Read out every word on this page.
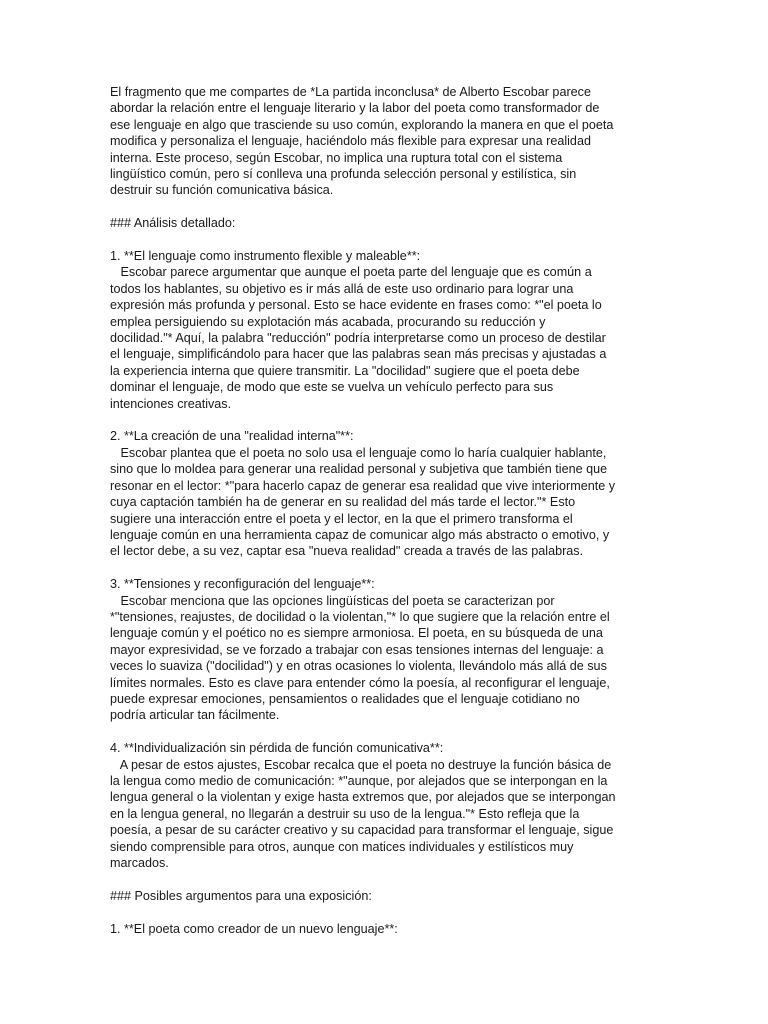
El fragmento que me compartes de *La partida inconclusa* de Alberto Escobar parece
abordar la relación entre el lenguaje literario y la labor del poeta como transformador de
ese lenguaje en algo que trasciende su uso común, explorando la manera en que el poeta
modifica y personaliza el lenguaje, haciéndolo más flexible para expresar una realidad
interna. Este proceso, según Escobar, no implica una ruptura total con el sistema
lingüístico común, pero sí conlleva una profunda selección personal y estilística, sin
destruir su función comunicativa básica.
### Análisis detallado:
1. **El lenguaje como instrumento flexible y maleable**:
Escobar parece argumentar que aunque el poeta parte del lenguaje que es común a
todos los hablantes, su objetivo es ir más allá de este uso ordinario para lograr una
expresión más profunda y personal. Esto se hace evidente en frases como: *"el poeta lo
emplea persiguiendo su explotación más acabada, procurando su reducción y
docilidad."* Aquí, la palabra "reducción" podría interpretarse como un proceso de destilar
el lenguaje, simplificándolo para hacer que las palabras sean más precisas y ajustadas a
la experiencia interna que quiere transmitir. La "docilidad" sugiere que el poeta debe
dominar el lenguaje, de modo que este se vuelva un vehículo perfecto para sus
intenciones creativas.
2. **La creación de una "realidad interna"**:
Escobar plantea que el poeta no solo usa el lenguaje como lo haría cualquier hablante,
sino que lo moldea para generar una realidad personal y subjetiva que también tiene que
resonar en el lector: *"para hacerlo capaz de generar esa realidad que vive interiormente y
cuya captación también ha de generar en su realidad del más tarde el lector."* Esto
sugiere una interacción entre el poeta y el lector, en la que el primero transforma el
lenguaje común en una herramienta capaz de comunicar algo más abstracto o emotivo, y
el lector debe, a su vez, captar esa "nueva realidad" creada a través de las palabras.
3. **Tensiones y reconfiguración del lenguaje**:
Escobar menciona que las opciones lingüísticas del poeta se caracterizan por
*"tensiones, reajustes, de docilidad o la violentan,"* lo que sugiere que la relación entre el
lenguaje común y el poético no es siempre armoniosa. El poeta, en su búsqueda de una
mayor expresividad, se ve forzado a trabajar con esas tensiones internas del lenguaje: a
veces lo suaviza ("docilidad") y en otras ocasiones lo violenta, llevándolo más allá de sus
límites normales. Esto es clave para entender cómo la poesía, al reconfigurar el lenguaje,
puede expresar emociones, pensamientos o realidades que el lenguaje cotidiano no
podría articular tan fácilmente.
4. **Individualización sin pérdida de función comunicativa**:
A pesar de estos ajustes, Escobar recalca que el poeta no destruye la función básica de
la lengua como medio de comunicación: *"aunque, por alejados que se interpongan en la
lengua general o la violentan y exige hasta extremos que, por alejados que se interpongan
en la lengua general, no llegarán a destruir su uso de la lengua."* Esto refleja que la
poesía, a pesar de su carácter creativo y su capacidad para transformar el lenguaje, sigue
siendo comprensible para otros, aunque con matices individuales y estilísticos muy
marcados.
### Posibles argumentos para una exposición:
1. **El poeta como creador de un nuevo lenguaje**:
